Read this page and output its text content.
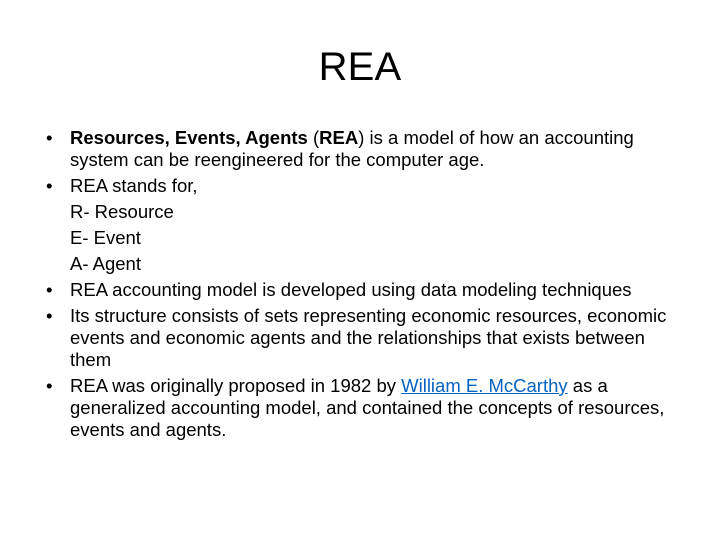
REA
• Resources, Events, Agents (REA) is a model of how an accounting system can be reengineered for the computer age.
• REA stands for,
R- Resource
E- Event
A- Agent
• REA accounting model is developed using data modeling techniques
• Its structure consists of sets representing economic resources, economic events and economic agents and the relationships that exists between them
• REA was originally proposed in 1982 by William E. McCarthy as a generalized accounting model, and contained the concepts of resources, events and agents.
